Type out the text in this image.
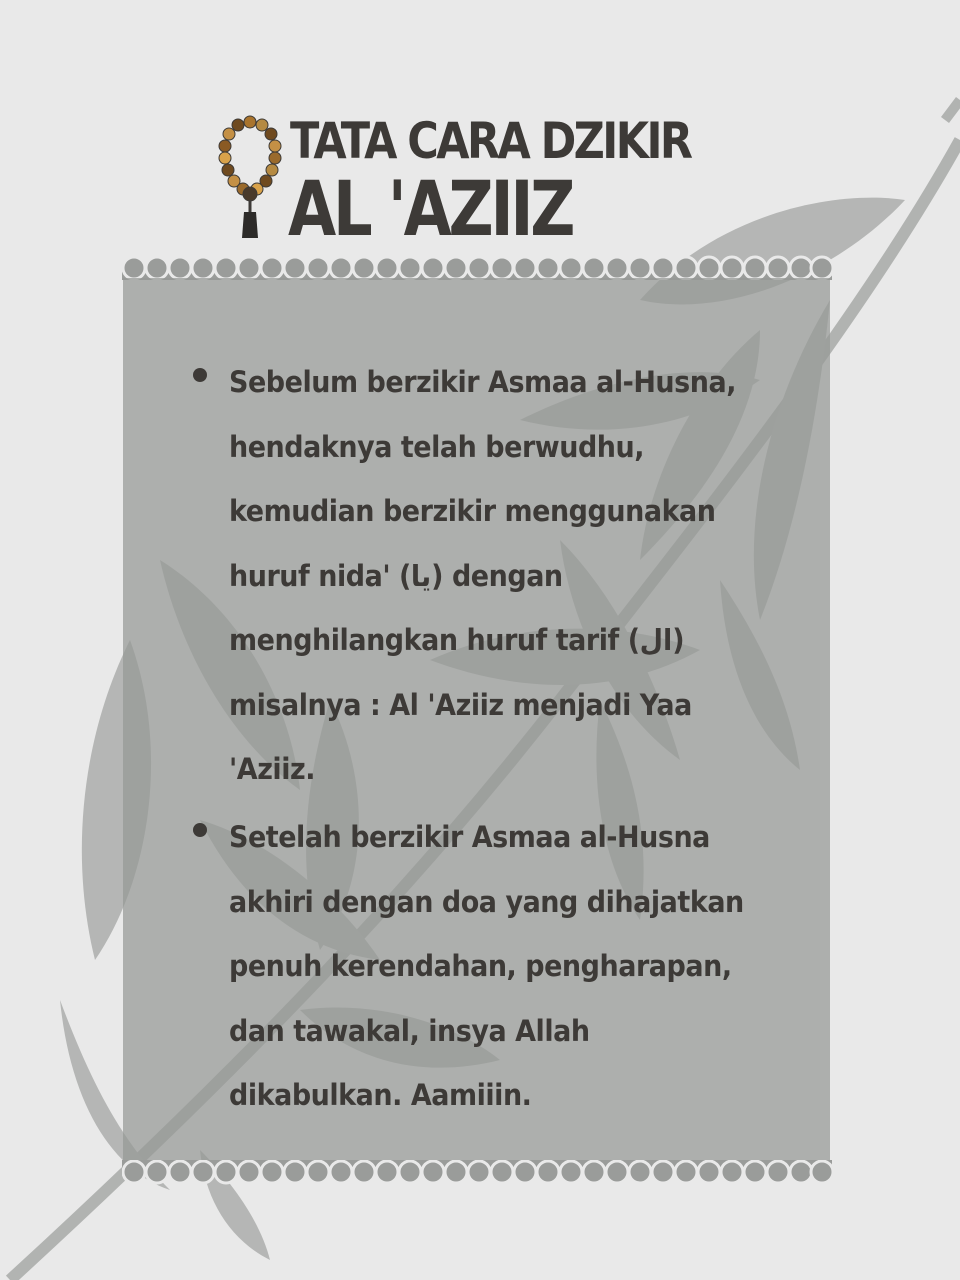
TATA CARA DZIKIR
AL 'AZIIZ
Sebelum berzikir Asmaa al-Husna, hendaknya telah berwudhu, kemudian berzikir menggunakan huruf nida' (يا) dengan menghilangkan huruf tarif (ال) misalnya : Al 'Aziiz menjadi Yaa 'Aziiz.
Setelah berzikir Asmaa al-Husna akhiri dengan doa yang dihajatkan penuh kerendahan, pengharapan, dan tawakal, insya Allah dikabulkan. Aamiiin.
